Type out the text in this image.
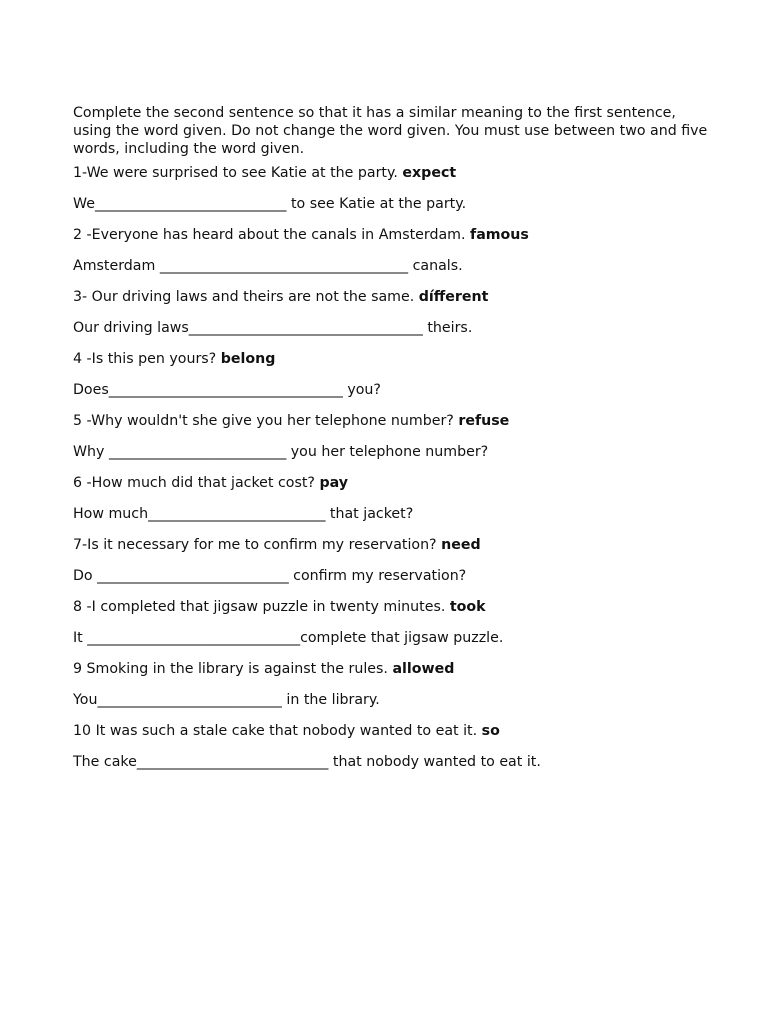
Complete the second sentence so that it has a similar meaning to the first sentence, using the word given. Do not change the word given. You must use between two and five words, including the word given.
1-We were surprised to see Katie at the party. expect
We___________________________ to see Katie at the party.
2 -Everyone has heard about the canals in Amsterdam. famous
Amsterdam ___________________________________ canals.
3- Our driving laws and theirs are not the same. dífferent
Our driving laws_________________________________ theirs.
4 -Is this pen yours? belong
Does_________________________________ you?
5 -Why wouldn't she give you her telephone number? refuse
Why _________________________ you her telephone number?
6 -How much did that jacket cost? pay
How much_________________________ that jacket?
7-Is it necessary for me to confirm my reservation? need
Do ___________________________ confirm my reservation?
8 -I completed that jigsaw puzzle in twenty minutes. took
It ______________________________complete that jigsaw puzzle.
9 Smoking in the library is against the rules. allowed
You__________________________ in the library.
10 It was such a stale cake that nobody wanted to eat it. so
The cake___________________________ that nobody wanted to eat it.
